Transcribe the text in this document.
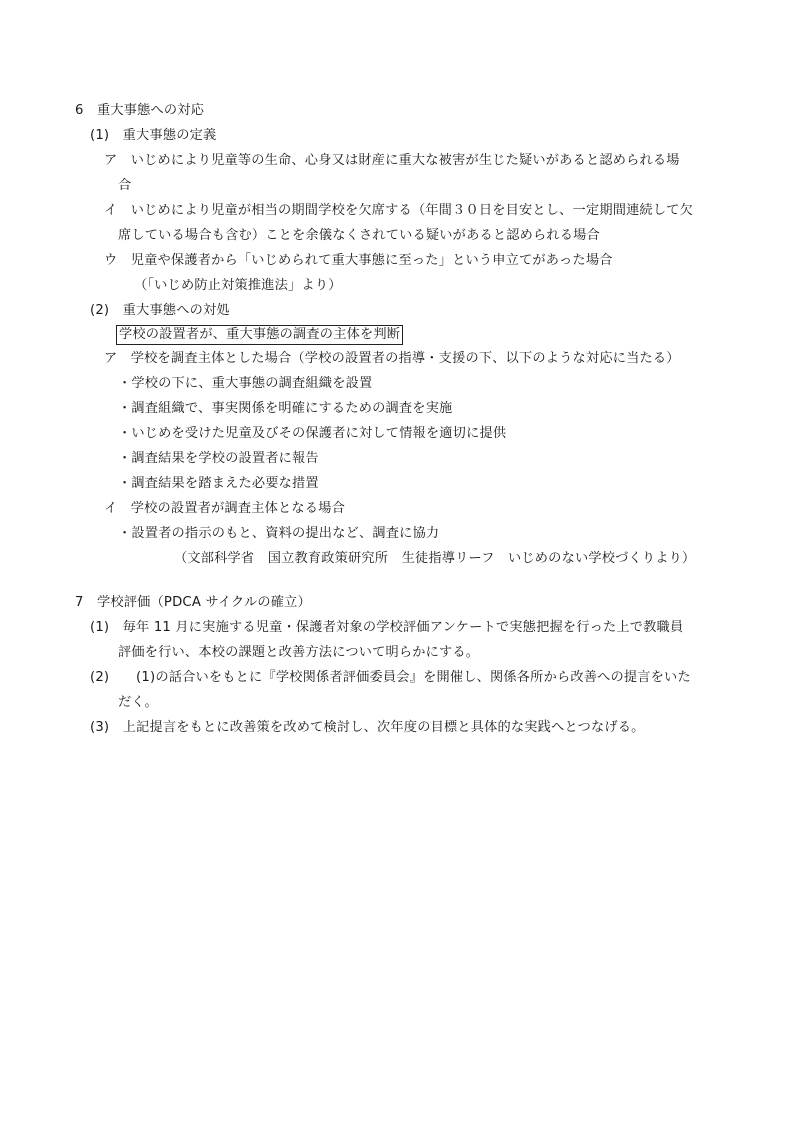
6　重大事態への対応
(1)　重大事態の定義
ア　いじめにより児童等の生命、心身又は財産に重大な被害が生じた疑いがあると認められる場
合
イ　いじめにより児童が相当の期間学校を欠席する（年間３０日を目安とし、一定期間連続して欠
席している場合も含む）ことを余儀なくされている疑いがあると認められる場合
ウ　児童や保護者から「いじめられて重大事態に至った」という申立てがあった場合
（「いじめ防止対策推進法」より）
(2)　重大事態への対処
学校の設置者が、重大事態の調査の主体を判断
ア　学校を調査主体とした場合（学校の設置者の指導・支援の下、以下のような対応に当たる）
・学校の下に、重大事態の調査組織を設置
・調査組織で、事実関係を明確にするための調査を実施
・いじめを受けた児童及びその保護者に対して情報を適切に提供
・調査結果を学校の設置者に報告
・調査結果を踏まえた必要な措置
イ　学校の設置者が調査主体となる場合
・設置者の指示のもと、資料の提出など、調査に協力
（文部科学省　国立教育政策研究所　生徒指導リーフ　いじめのない学校づくりより）
7　学校評価（PDCA サイクルの確立）
(1)　毎年 11 月に実施する児童・保護者対象の学校評価アンケートで実態把握を行った上で教職員
評価を行い、本校の課題と改善方法について明らかにする。
(2)　　(1)の話合いをもとに『学校関係者評価委員会』を開催し、関係各所から改善への提言をいた
だく。
(3)　上記提言をもとに改善策を改めて検討し、次年度の目標と具体的な実践へとつなげる。
